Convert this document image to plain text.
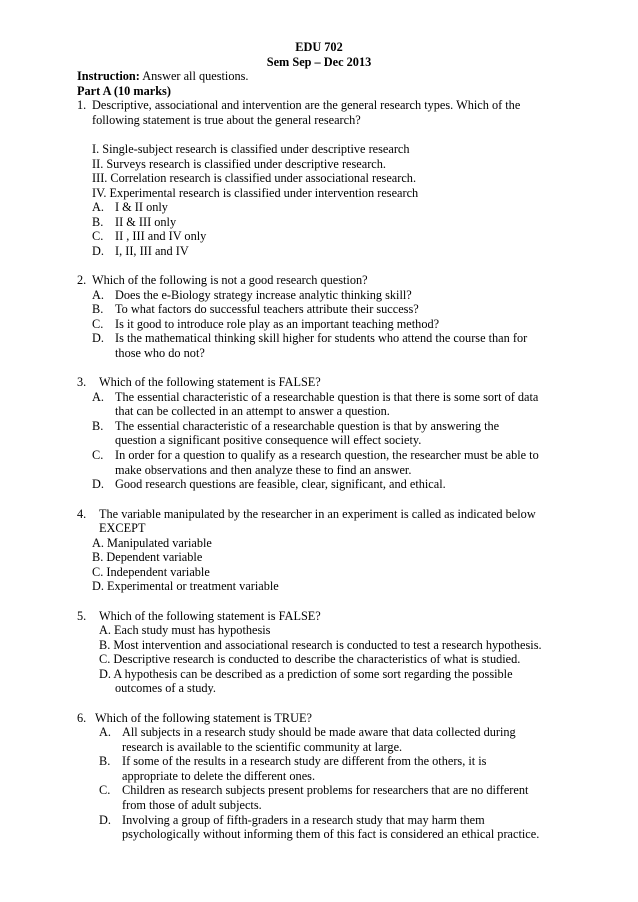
EDU 702
Sem Sep – Dec 2013
Instruction: Answer all questions.
Part A (10 marks)
1. Descriptive, associational and intervention are the general research types. Which of the
following statement is true about the general research?
I. Single-subject research is classified under descriptive research
II. Surveys research is classified under descriptive research.
III. Correlation research is classified under associational research.
IV. Experimental research is classified under intervention research
A. I & II only
B. II & III only
C. II , III and IV only
D. I, II, III and IV
2. Which of the following is not a good research question?
A. Does the e-Biology strategy increase analytic thinking skill?
B. To what factors do successful teachers attribute their success?
C. Is it good to introduce role play as an important teaching method?
D. Is the mathematical thinking skill higher for students who attend the course than for
those who do not?
3. Which of the following statement is FALSE?
A. The essential characteristic of a researchable question is that there is some sort of data
that can be collected in an attempt to answer a question.
B. The essential characteristic of a researchable question is that by answering the
question a significant positive consequence will effect society.
C. In order for a question to qualify as a research question, the researcher must be able to
make observations and then analyze these to find an answer.
D. Good research questions are feasible, clear, significant, and ethical.
4. The variable manipulated by the researcher in an experiment is called as indicated below
EXCEPT
A. Manipulated variable
B. Dependent variable
C. Independent variable
D. Experimental or treatment variable
5. Which of the following statement is FALSE?
A. Each study must has hypothesis
B. Most intervention and associational research is conducted to test a research hypothesis.
C. Descriptive research is conducted to describe the characteristics of what is studied.
D. A hypothesis can be described as a prediction of some sort regarding the possible
outcomes of a study.
6. Which of the following statement is TRUE?
A. All subjects in a research study should be made aware that data collected during
research is available to the scientific community at large.
B. If some of the results in a research study are different from the others, it is
appropriate to delete the different ones.
C. Children as research subjects present problems for researchers that are no different
from those of adult subjects.
D. Involving a group of fifth-graders in a research study that may harm them
psychologically without informing them of this fact is considered an ethical practice.
